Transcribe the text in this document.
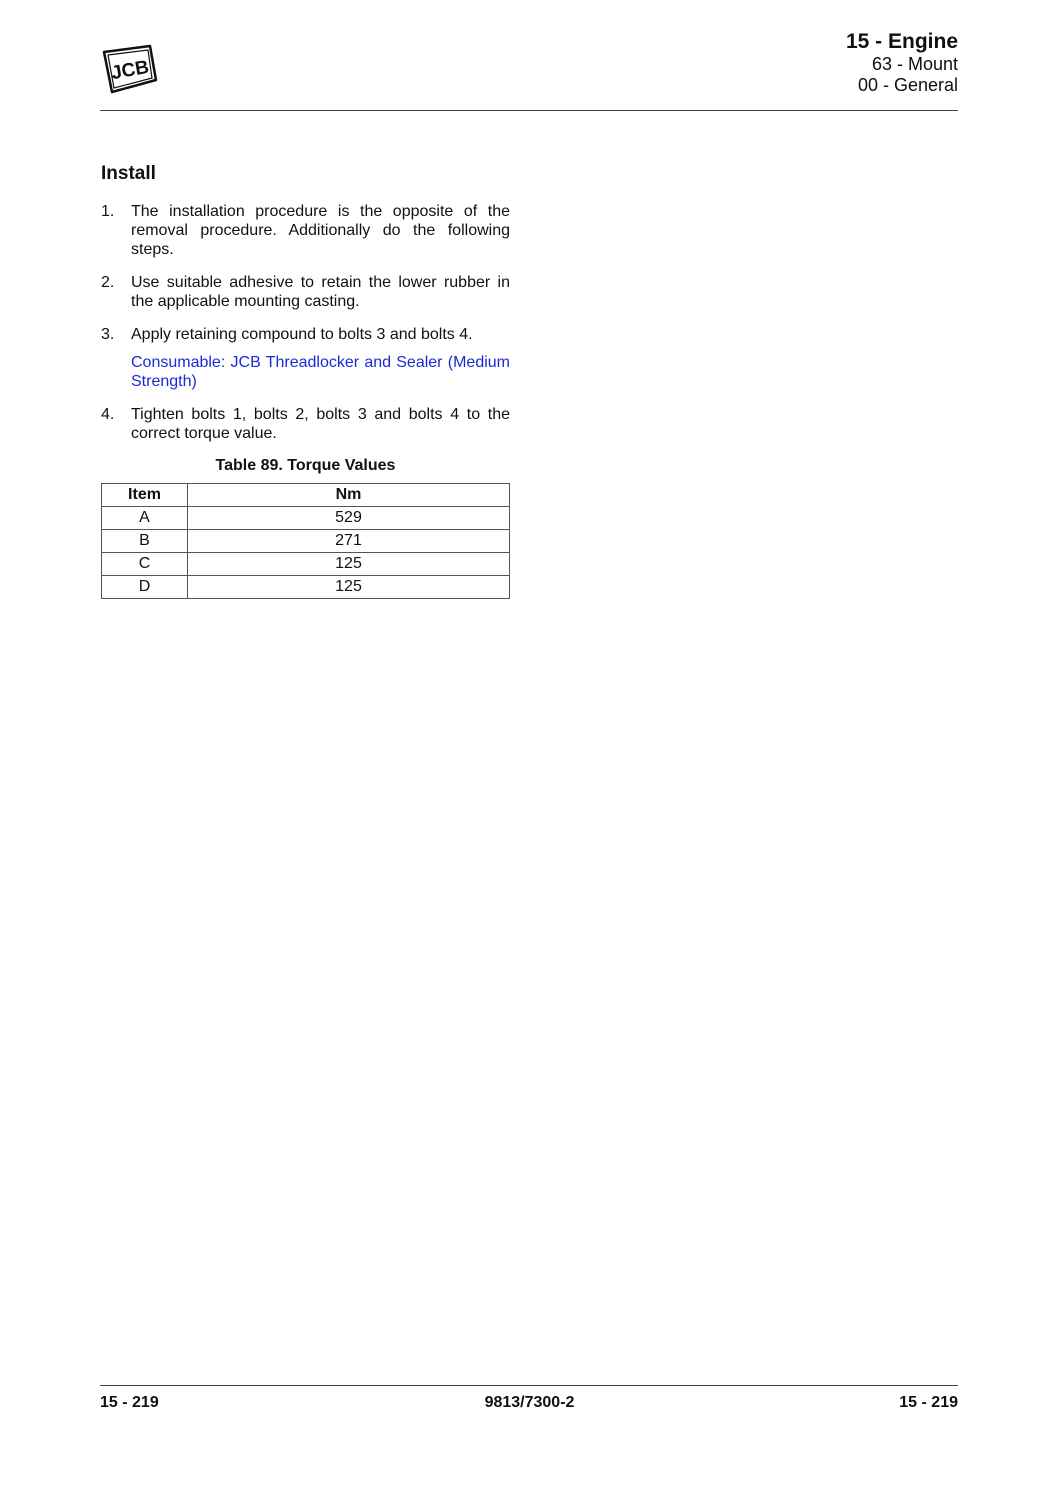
JCB
15 - Engine
63 - Mount
00 - General
Install
1. The installation procedure is the opposite of the removal procedure. Additionally do the following steps.
2. Use suitable adhesive to retain the lower rubber in the applicable mounting casting.
3. Apply retaining compound to bolts 3 and bolts 4.
Consumable: JCB Threadlocker and Sealer (Medium Strength)
4. Tighten bolts 1, bolts 2, bolts 3 and bolts 4 to the correct torque value.
Table 89. Torque Values
Item	Nm
A	529
B	271
C	125
D	125
15 - 219	9813/7300-2	15 - 219
